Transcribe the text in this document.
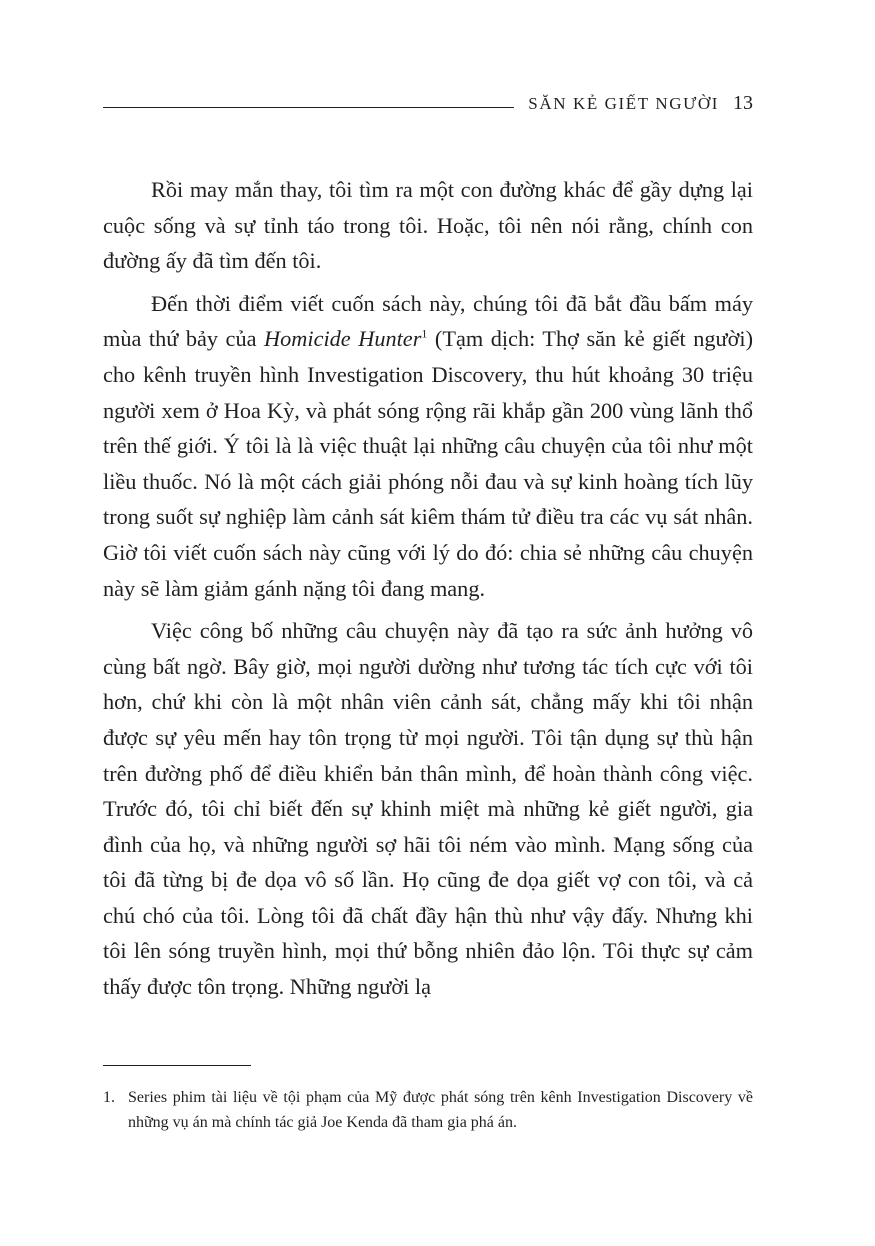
SĂN KẺ GIẾT NGƯỜI 13

Rồi may mắn thay, tôi tìm ra một con đường khác để gầy dựng lại cuộc sống và sự tỉnh táo trong tôi. Hoặc, tôi nên nói rằng, chính con đường ấy đã tìm đến tôi.

Đến thời điểm viết cuốn sách này, chúng tôi đã bắt đầu bấm máy mùa thứ bảy của Homicide Hunter$^1$ (Tạm dịch: Thợ săn kẻ giết người) cho kênh truyền hình Investigation Discovery, thu hút khoảng 30 triệu người xem ở Hoa Kỳ, và phát sóng rộng rãi khắp gần 200 vùng lãnh thổ trên thế giới. Ý tôi là là việc thuật lại những câu chuyện của tôi như một liều thuốc. Nó là một cách giải phóng nỗi đau và sự kinh hoàng tích lũy trong suốt sự nghiệp làm cảnh sát kiêm thám tử điều tra các vụ sát nhân. Giờ tôi viết cuốn sách này cũng với lý do đó: chia sẻ những câu chuyện này sẽ làm giảm gánh nặng tôi đang mang.

Việc công bố những câu chuyện này đã tạo ra sức ảnh hưởng vô cùng bất ngờ. Bây giờ, mọi người dường như tương tác tích cực với tôi hơn, chứ khi còn là một nhân viên cảnh sát, chẳng mấy khi tôi nhận được sự yêu mến hay tôn trọng từ mọi người. Tôi tận dụng sự thù hận trên đường phố để điều khiển bản thân mình, để hoàn thành công việc. Trước đó, tôi chỉ biết đến sự khinh miệt mà những kẻ giết người, gia đình của họ, và những người sợ hãi tôi ném vào mình. Mạng sống của tôi đã từng bị đe dọa vô số lần. Họ cũng đe dọa giết vợ con tôi, và cả chú chó của tôi. Lòng tôi đã chất đầy hận thù như vậy đấy. Nhưng khi tôi lên sóng truyền hình, mọi thứ bỗng nhiên đảo lộn. Tôi thực sự cảm thấy được tôn trọng. Những người lạ

1. Series phim tài liệu về tội phạm của Mỹ được phát sóng trên kênh Investigation Discovery về những vụ án mà chính tác giả Joe Kenda đã tham gia phá án.
